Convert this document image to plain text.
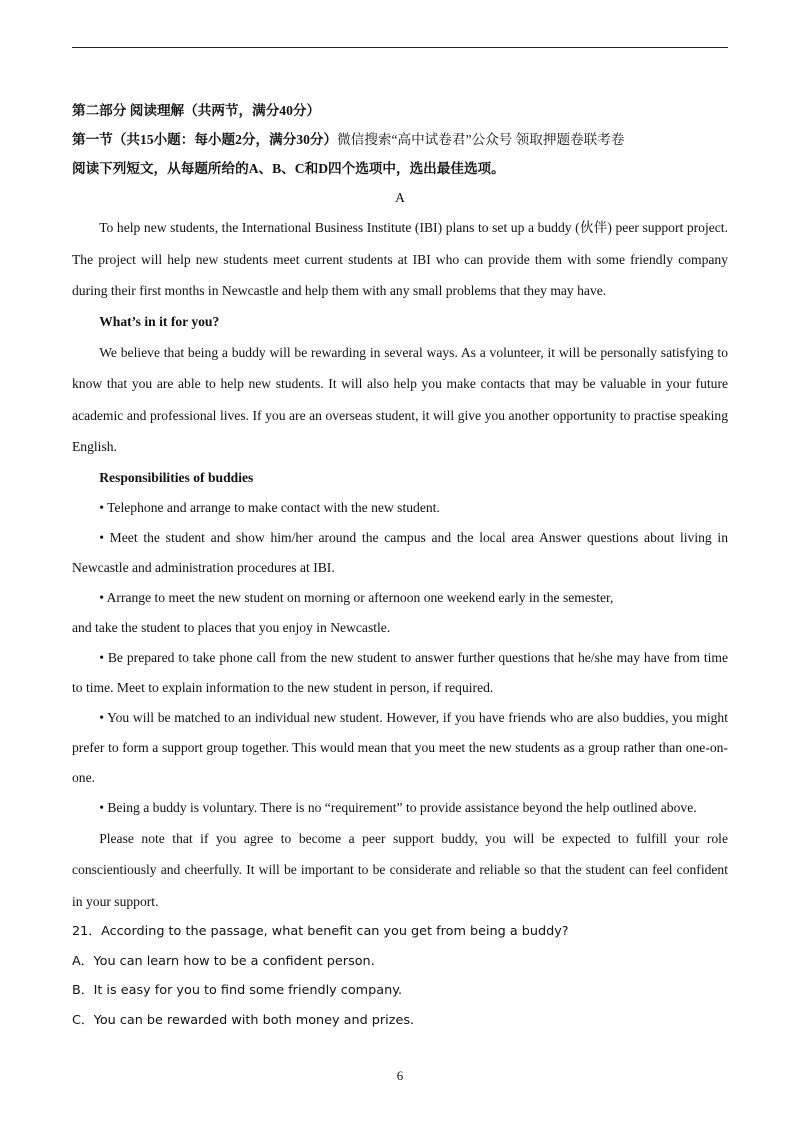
第二部分 阅读理解（共两节，满分40分）
第一节（共15小题：每小题2分，满分30分）微信搜索“高中试卷君”公众号 领取押题卷联考卷
阅读下列短文，从每题所给的A、B、C和D四个选项中，选出最佳选项。
A

To help new students, the International Business Institute (IBI) plans to set up a buddy (伙伴) peer support project. The project will help new students meet current students at IBI who can provide them with some friendly company during their first months in Newcastle and help them with any small problems that they may have.

What’s in it for you?

We believe that being a buddy will be rewarding in several ways. As a volunteer, it will be personally satisfying to know that you are able to help new students. It will also help you make contacts that may be valuable in your future academic and professional lives. If you are an overseas student, it will give you another opportunity to practise speaking English.

Responsibilities of buddies

• Telephone and arrange to make contact with the new student.

• Meet the student and show him/her around the campus and the local area Answer questions about living in Newcastle and administration procedures at IBI.

• Arrange to meet the new student on morning or afternoon one weekend early in the semester,

and take the student to places that you enjoy in Newcastle.

• Be prepared to take phone call from the new student to answer further questions that he/she may have from time to time. Meet to explain information to the new student in person, if required.

• You will be matched to an individual new student. However, if you have friends who are also buddies, you might prefer to form a support group together. This would mean that you meet the new students as a group rather than one-on-one.

• Being a buddy is voluntary. There is no “requirement” to provide assistance beyond the help outlined above.

Please note that if you agree to become a peer support buddy, you will be expected to fulfill your role conscientiously and cheerfully. It will be important to be considerate and reliable so that the student can feel confident in your support.

21．According to the passage, what benefit can you get from being a buddy?

A．You can learn how to be a confident person.

B．It is easy for you to find some friendly company.

C．You can be rewarded with both money and prizes.

6
